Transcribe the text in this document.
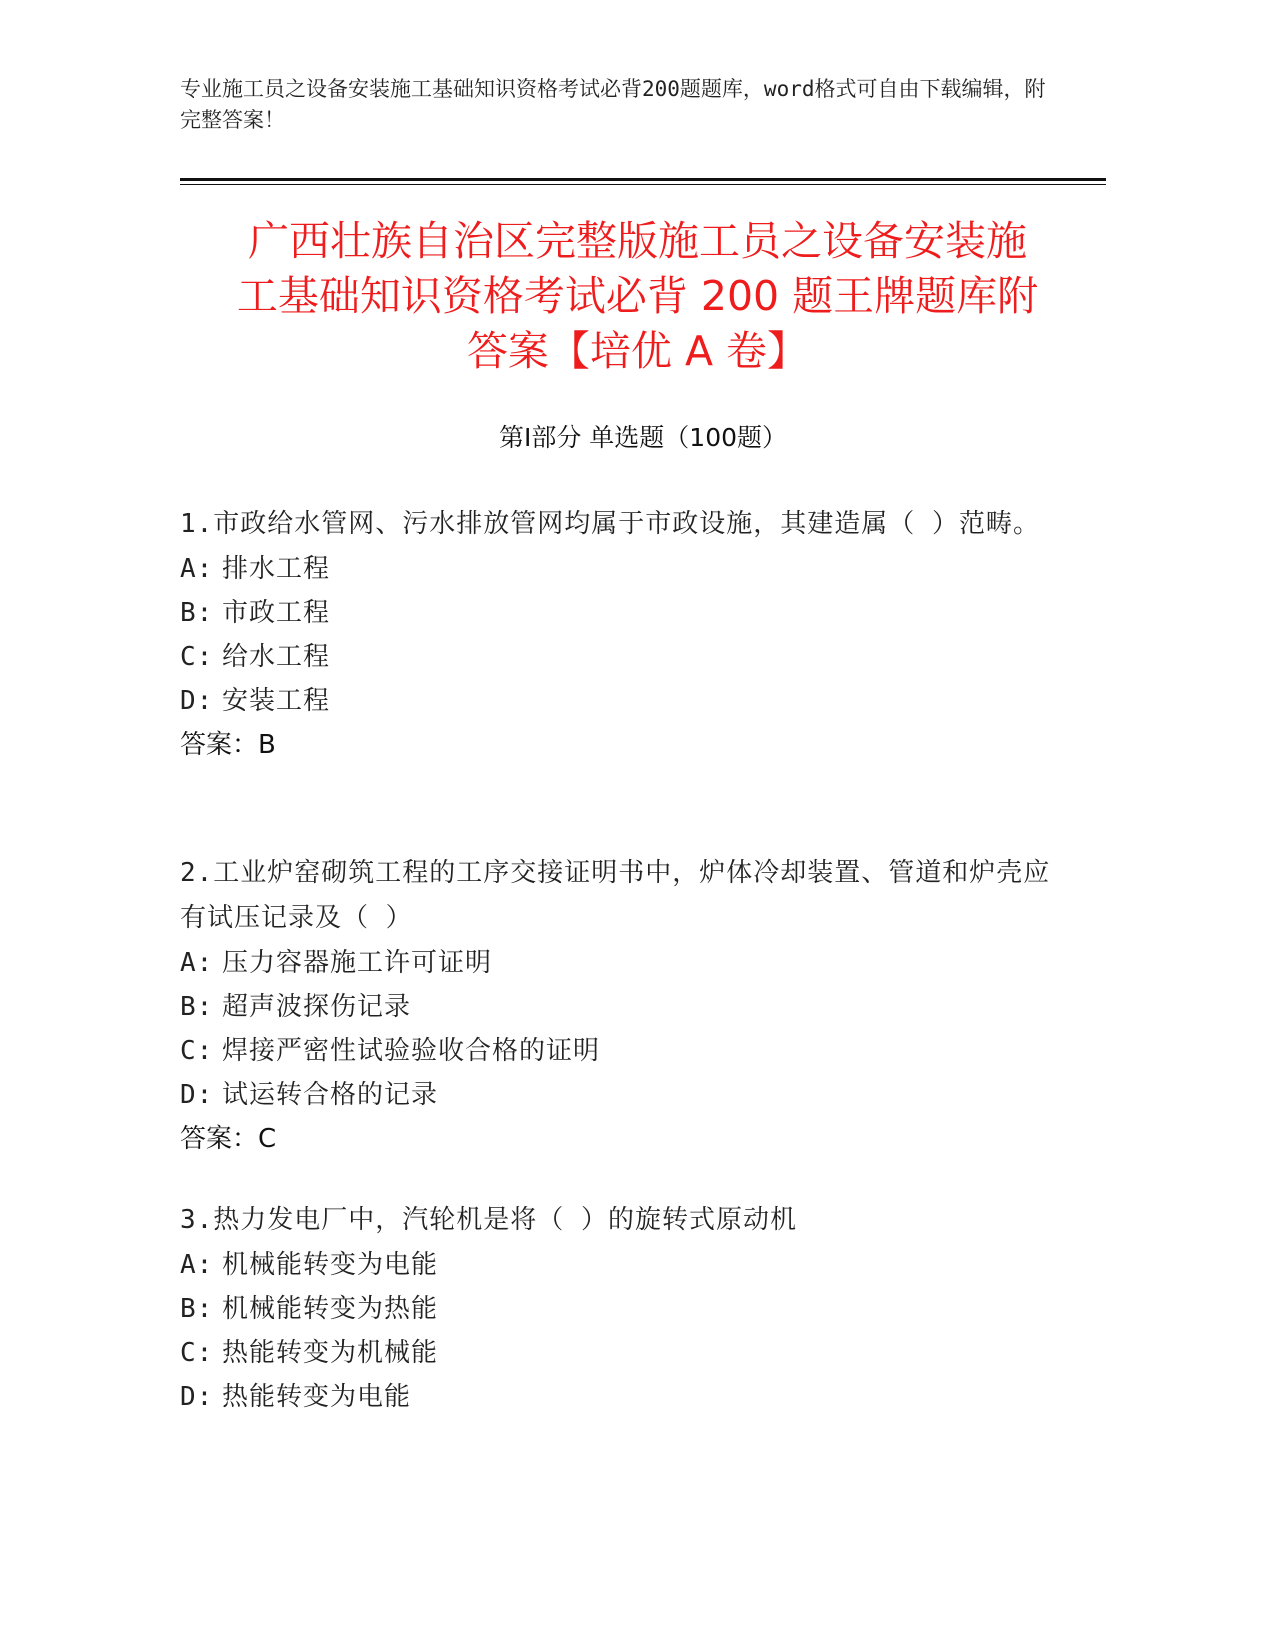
专业施工员之设备安装施工基础知识资格考试必背200题题库，word格式可自由下载编辑，附完整答案！
广西壮族自治区完整版施工员之设备安装施
工基础知识资格考试必背 200 题王牌题库附
答案【培优 A 卷】
第Ⅰ部分 单选题（100题）
1.市政给水管网、污水排放管网均属于市政设施，其建造属（ ）范畴。
A: 排水工程
B: 市政工程
C: 给水工程
D: 安装工程
答案：B
2.工业炉窑砌筑工程的工序交接证明书中，炉体冷却装置、管道和炉壳应有试压记录及（ ）
A: 压力容器施工许可证明
B: 超声波探伤记录
C: 焊接严密性试验验收合格的证明
D: 试运转合格的记录
答案：C
3.热力发电厂中，汽轮机是将（ ）的旋转式原动机
A: 机械能转变为电能
B: 机械能转变为热能
C: 热能转变为机械能
D: 热能转变为电能
